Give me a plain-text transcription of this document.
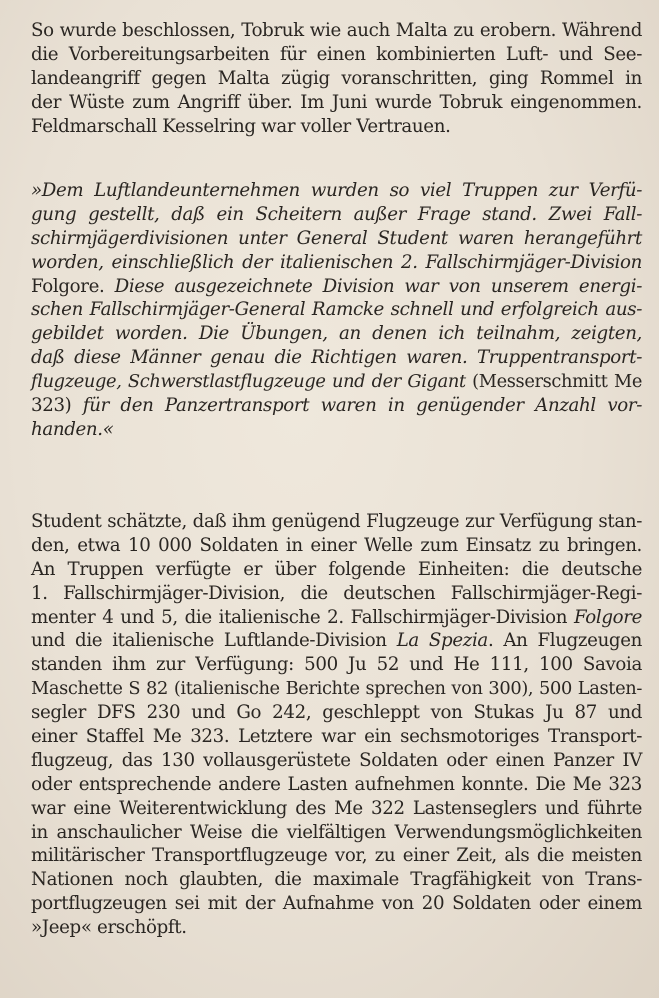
So wurde beschlossen, Tobruk wie auch Malta zu erobern. Während
die Vorbereitungsarbeiten für einen kombinierten Luft- und See-
landeangriff gegen Malta zügig voranschritten, ging Rommel in
der Wüste zum Angriff über. Im Juni wurde Tobruk eingenommen.
Feldmarschall Kesselring war voller Vertrauen.
»Dem Luftlandeunternehmen wurden so viel Truppen zur Verfü-
gung gestellt, daß ein Scheitern außer Frage stand. Zwei Fall-
schirmjägerdivisionen unter General Student waren herangeführt
worden, einschließlich der italienischen 2. Fallschirmjäger-Division
Folgore. Diese ausgezeichnete Division war von unserem energi-
schen Fallschirmjäger-General Ramcke schnell und erfolgreich aus-
gebildet worden. Die Übungen, an denen ich teilnahm, zeigten,
daß diese Männer genau die Richtigen waren. Truppentransport-
flugzeuge, Schwerstlastflugzeuge und der Gigant (Messerschmitt Me
323) für den Panzertransport waren in genügender Anzahl vor-
handen.«
Student schätzte, daß ihm genügend Flugzeuge zur Verfügung stan-
den, etwa 10 000 Soldaten in einer Welle zum Einsatz zu bringen.
An Truppen verfügte er über folgende Einheiten: die deutsche
1. Fallschirmjäger-Division, die deutschen Fallschirmjäger-Regi-
menter 4 und 5, die italienische 2. Fallschirmjäger-Division Folgore
und die italienische Luftlande-Division La Spezia. An Flugzeugen
standen ihm zur Verfügung: 500 Ju 52 und He 111, 100 Savoia
Maschette S 82 (italienische Berichte sprechen von 300), 500 Lasten-
segler DFS 230 und Go 242, geschleppt von Stukas Ju 87 und
einer Staffel Me 323. Letztere war ein sechsmotoriges Transport-
flugzeug, das 130 vollausgerüstete Soldaten oder einen Panzer IV
oder entsprechende andere Lasten aufnehmen konnte. Die Me 323
war eine Weiterentwicklung des Me 322 Lastenseglers und führte
in anschaulicher Weise die vielfältigen Verwendungsmöglichkeiten
militärischer Transportflugzeuge vor, zu einer Zeit, als die meisten
Nationen noch glaubten, die maximale Tragfähigkeit von Trans-
portflugzeugen sei mit der Aufnahme von 20 Soldaten oder einem
»Jeep« erschöpft.
